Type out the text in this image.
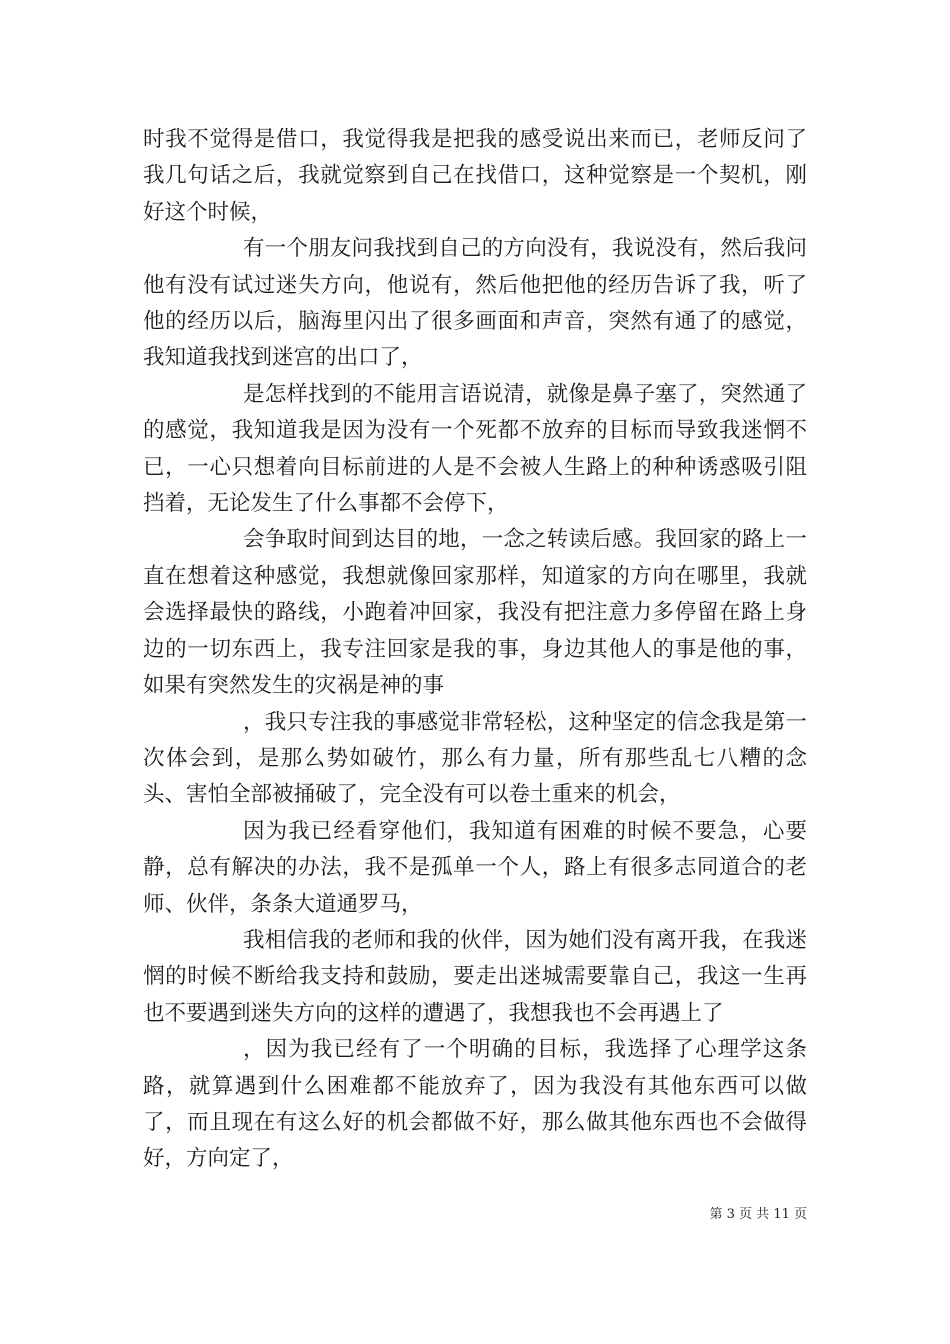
时我不觉得是借口，我觉得我是把我的感受说出来而已，老师反问了我几句话之后，我就觉察到自己在找借口，这种觉察是一个契机，刚好这个时候，

有一个朋友问我找到自己的方向没有，我说没有，然后我问他有没有试过迷失方向，他说有，然后他把他的经历告诉了我，听了他的经历以后，脑海里闪出了很多画面和声音，突然有通了的感觉，我知道我找到迷宫的出口了，

是怎样找到的不能用言语说清，就像是鼻子塞了，突然通了的感觉，我知道我是因为没有一个死都不放弃的目标而导致我迷惘不已，一心只想着向目标前进的人是不会被人生路上的种种诱惑吸引阻挡着，无论发生了什么事都不会停下，

会争取时间到达目的地，一念之转读后感。我回家的路上一直在想着这种感觉，我想就像回家那样，知道家的方向在哪里，我就会选择最快的路线，小跑着冲回家，我没有把注意力多停留在路上身边的一切东西上，我专注回家是我的事，身边其他人的事是他的事，如果有突然发生的灾祸是神的事

，我只专注我的事感觉非常轻松，这种坚定的信念我是第一次体会到，是那么势如破竹，那么有力量，所有那些乱七八糟的念头、害怕全部被捅破了，完全没有可以卷土重来的机会，

因为我已经看穿他们，我知道有困难的时候不要急，心要静，总有解决的办法，我不是孤单一个人，路上有很多志同道合的老师、伙伴，条条大道通罗马，

我相信我的老师和我的伙伴，因为她们没有离开我，在我迷惘的时候不断给我支持和鼓励，要走出迷城需要靠自己，我这一生再也不要遇到迷失方向的这样的遭遇了，我想我也不会再遇上了

，因为我已经有了一个明确的目标，我选择了心理学这条路，就算遇到什么困难都不能放弃了，因为我没有其他东西可以做了，而且现在有这么好的机会都做不好，那么做其他东西也不会做得好，方向定了，

第 3 页 共 11 页
